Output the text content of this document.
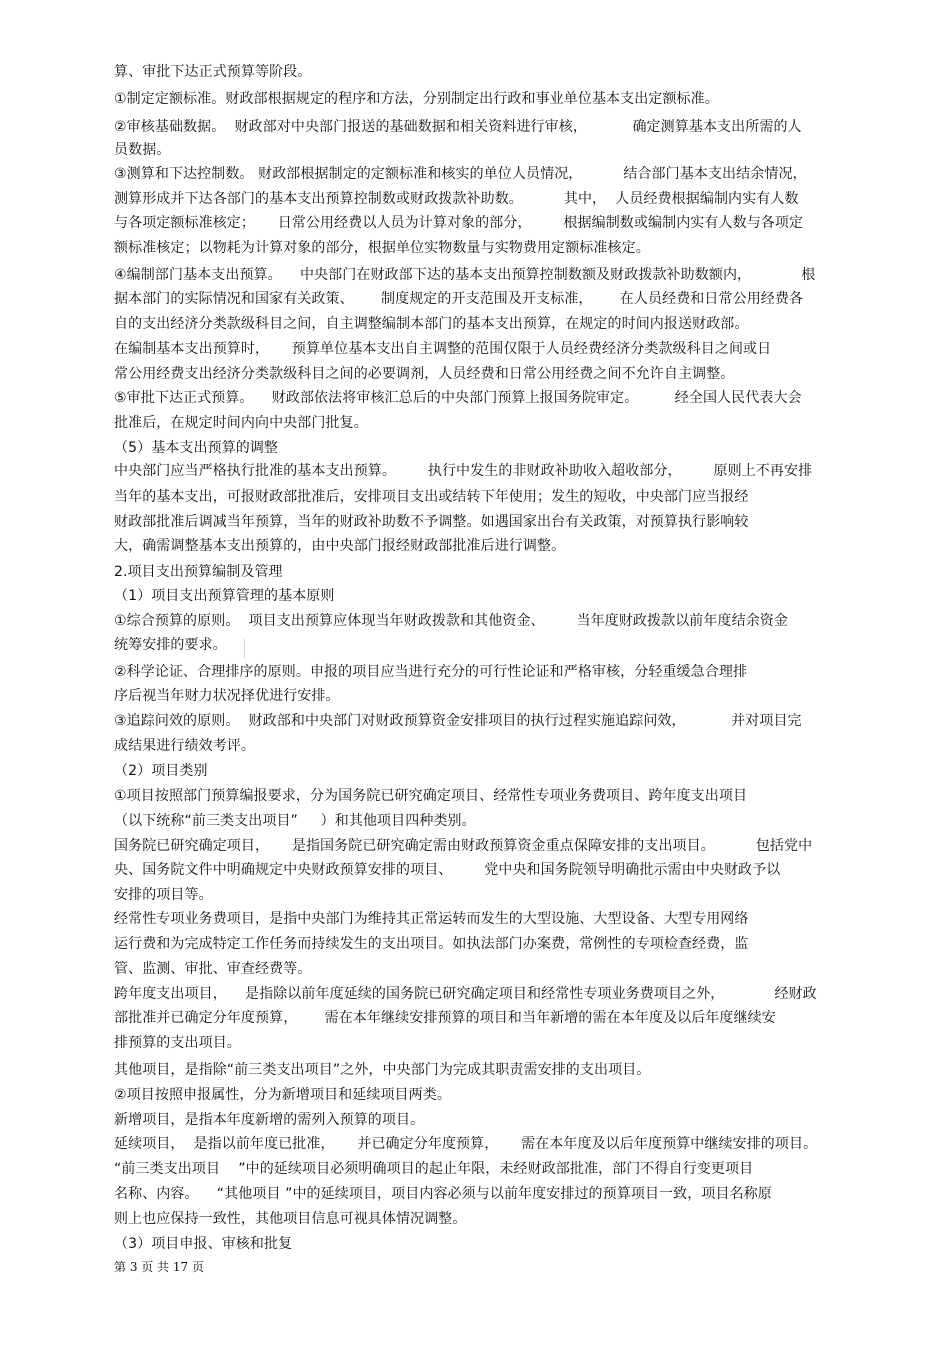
算、审批下达正式预算等阶段。
①制定定额标准。财政部根据规定的程序和方法，分别制定出行政和事业单位基本支出定额标准。
②审核基础数据。  财政部对中央部门报送的基础数据和相关资料进行审核，          确定测算基本支出所需的人
员数据。
③测算和下达控制数。 财政部根据制定的定额标准和核实的单位人员情况，         结合部门基本支出结余情况，
测算形成并下达各部门的基本支出预算控制数或财政拨款补助数。         其中，  人员经费根据编制内实有人数
与各项定额标准核定；     日常公用经费以人员为计算对象的部分，       根据编制数或编制内实有人数与各项定
额标准核定；以物耗为计算对象的部分，根据单位实物数量与实物费用定额标准核定。
④编制部门基本支出预算。    中央部门在财政部下达的基本支出预算控制数额及财政拨款补助数额内，           根
据本部门的实际情况和国家有关政策、      制度规定的开支范围及开支标准，      在人员经费和日常公用经费各
自的支出经济分类款级科目之间，自主调整编制本部门的基本支出预算，在规定的时间内报送财政部。
在编制基本支出预算时，     预算单位基本支出自主调整的范围仅限于人员经费经济分类款级科目之间或日
常公用经费支出经济分类款级科目之间的必要调剂，人员经费和日常公用经费之间不允许自主调整。
⑤审批下达正式预算。    财政部依法将审核汇总后的中央部门预算上报国务院审定。        经全国人民代表大会
批准后，在规定时间内向中央部门批复。
（5）基本支出预算的调整
中央部门应当严格执行批准的基本支出预算。       执行中发生的非财政补助收入超收部分，       原则上不再安排
当年的基本支出，可报财政部批准后，安排项目支出或结转下年使用；发生的短收，中央部门应当报经
财政部批准后调减当年预算，当年的财政补助数不予调整。如遇国家出台有关政策，对预算执行影响较
大，确需调整基本支出预算的，由中央部门报经财政部批准后进行调整。
2.项目支出预算编制及管理
（1）项目支出预算管理的基本原则
①综合预算的原则。  项目支出预算应体现当年财政拨款和其他资金、       当年度财政拨款以前年度结余资金
统筹安排的要求。
②科学论证、合理排序的原则。申报的项目应当进行充分的可行性论证和严格审核，分轻重缓急合理排
序后视当年财力状况择优进行安排。
③追踪问效的原则。  财政部和中央部门对财政预算资金安排项目的执行过程实施追踪问效，          并对项目完
成结果进行绩效考评。
（2）项目类别
①项目按照部门预算编报要求，分为国务院已研究确定项目、经常性专项业务费项目、跨年度支出项目
（以下统称“前三类支出项目”     ）和其他项目四种类别。
国务院已研究确定项目，     是指国务院已研究确定需由财政预算资金重点保障安排的支出项目。         包括党中
央、国务院文件中明确规定中央财政预算安排的项目、       党中央和国务院领导明确批示需由中央财政予以
安排的项目等。
经常性专项业务费项目，是指中央部门为维持其正常运转而发生的大型设施、大型设备、大型专用网络
运行费和为完成特定工作任务而持续发生的支出项目。如执法部门办案费，常例性的专项检查经费，监
管、监测、审批、审查经费等。
跨年度支出项目，    是指除以前年度延续的国务院已研究确定项目和经常性专项业务费项目之外，           经财政
部批准并已确定分年度预算，      需在本年继续安排预算的项目和当年新增的需在本年度及以后年度继续安
排预算的支出项目。
其他项目，是指除“前三类支出项目”之外，中央部门为完成其职责需安排的支出项目。
②项目按照申报属性，分为新增项目和延续项目两类。
新增项目，是指本年度新增的需列入预算的项目。
延续项目，  是指以前年度已批准，     并已确定分年度预算，     需在本年度及以后年度预算中继续安排的项目。
“前三类支出项目    ”中的延续项目必须明确项目的起止年限，未经财政部批准，部门不得自行变更项目
名称、内容。    “其他项目 ”中的延续项目，项目内容必须与以前年度安排过的预算项目一致，项目名称原
则上也应保持一致性，其他项目信息可视具体情况调整。
（3）项目申报、审核和批复
第 3 页 共 17 页
